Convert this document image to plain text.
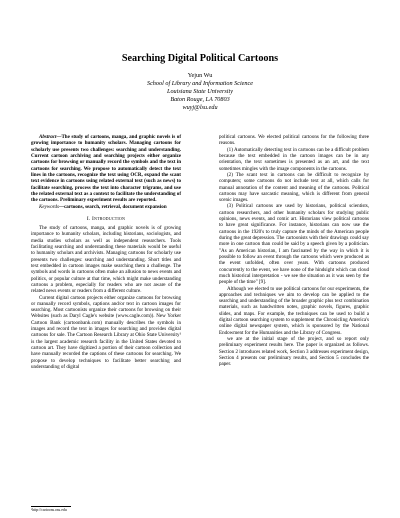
Searching Digital Political Cartoons
Yejun Wu
School of Library and Information Science
Louisiana State University
Baton Rouge, LA 70803
wuyj@lsu.edu

Abstract—The study of cartoons, manga, and graphic novels is of growing importance to humanity scholars. Managing cartoons for scholarly use presents two challenges: searching and understanding. Current cartoon archiving and searching projects either organize cartoons for browsing or manually record the symbols and the text in cartoons for searching. We propose to automatically detect the text lines in the cartoons, recognize the text using OCR, expand the scant text evidence in cartoons using related external text (such as news) to facilitate searching, process the text into character trigrams, and use the related external text as a context to facilitate the understanding of the cartoons. Preliminary experiment results are reported.

Keywords—cartoons, search, retrieval, document expansion

I. Introduction

The study of cartoons, manga, and graphic novels is of growing importance to humanity scholars, including historians, sociologists, and media studies scholars as well as independent researchers. Tools facilitating searching and understanding these materials would be useful to humanity scholars and archivists. Managing cartoons for scholarly use presents two challenges: searching and understanding. Short titles and text embedded in cartoon images make searching them a challenge. The symbols and words in cartoons often make an allusion to news events and politics, or popular culture at that time, which might make understanding cartoons a problem, especially for readers who are not aware of the related news events or readers from a different culture.

Current digital cartoon projects either organize cartoons for browsing or manually record symbols, captions and/or text in cartoon images for searching. Most cartoonists organize their cartoons for browsing on their Websites (such as Daryl Cagle's website (www.cagle.com)). New Yorker Cartoon Bank (cartoonbank.com) manually describes the symbols in images and record the text in images for searching and provides digital cartoons for sale. The Cartoon Research Library at Ohio State University¹ is the largest academic research facility in the United States devoted to cartoon art. They have digitized a portion of their cartoon collection and have manually recorded the captions of these cartoons for searching. We propose to develop techniques to facilitate better searching and understanding of digital

political cartoons. We elected political cartoons for the following three reasons.

(1) Automatically detecting text in cartoons can be a difficult problem because the text embedded in the cartoon images can be in any orientation, the text sometimes is presented as an art, and the text sometimes mingles with the image components in the cartoons.

(2) The scant text in cartoons can be difficult to recognize by computers; some cartoons do not include text at all, which calls for manual annotation of the content and meaning of the cartoons. Political cartoons may have sarcastic meaning, which is different from general scenic images.

(3) Political cartoons are used by historians, political scientists, cartoon researchers, and other humanity scholars for studying public opinions, news events, and comic art. Historians view political cartoons to have great significance. For instance, historians can now use the cartoons in the 1920's to truly capture the minds of the American people during the great depression. The cartoonists with their drawings could say more in one cartoon than could be said by a speech given by a politician. "As an American historian, I am fascinated by the way in which it is possible to follow an event through the cartoons which were produced as the event unfolded, often over years. With cartoons produced concurrently to the event, we have none of the hindsight which can cloud much historical interpretation - we see the situation as it was seen by the people of the time" [9].

Although we elected to use political cartoons for our experiments, the approaches and techniques we aim to develop can be applied to the searching and understanding of the broader graphic plus text combination materials, such as handwritten notes, graphic novels, figures, graphic slides, and maps. For example, the techniques can be used to build a digital cartoon searching system to supplement the Chronicling America's online digital newspaper system, which is sponsored by the National Endowment for the Humanities and the Library of Congress.

we are at the initial stage of the project, and so report only preliminary experiment results here. The paper is organized as follows. Section 2 introduces related work, Section 3 addresses experiment design, Section 4 presents our preliminary results, and Section 5 concludes the paper.

¹http://cartoons.osu.edu
